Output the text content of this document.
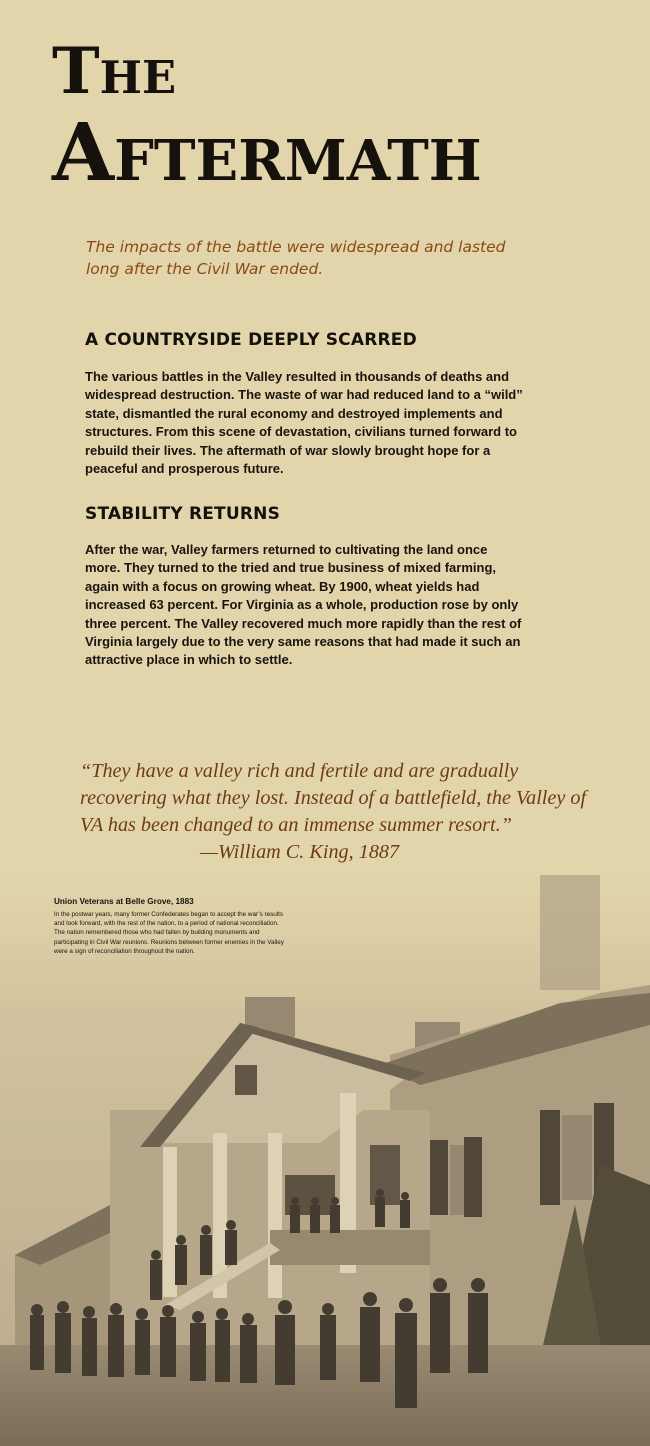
THE
AFTERMATH

The impacts of the battle were widespread and lasted long after the Civil War ended.

A COUNTRYSIDE DEEPLY SCARRED

The various battles in the Valley resulted in thousands of deaths and widespread destruction. The waste of war had reduced land to a “wild” state, dismantled the rural economy and destroyed implements and structures. From this scene of devastation, civilians turned forward to rebuild their lives. The aftermath of war slowly brought hope for a peaceful and prosperous future.

STABILITY RETURNS

After the war, Valley farmers returned to cultivating the land once more. They turned to the tried and true business of mixed farming, again with a focus on growing wheat. By 1900, wheat yields had increased 63 percent. For Virginia as a whole, production rose by only three percent. The Valley recovered much more rapidly than the rest of Virginia largely due to the very same reasons that had made it such an attractive place in which to settle.

“They have a valley rich and fertile and are gradually recovering what they lost. Instead of a battlefield, the Valley of VA has been changed to an immense summer resort.”
—William C. King, 1887

Union Veterans at Belle Grove, 1883

In the postwar years, many former Confederates began to accept the war’s results and look forward, with the rest of the nation, to a period of national reconciliation. The nation remembered those who had fallen by building monuments and participating in Civil War reunions. Reunions between former enemies in the Valley were a sign of reconciliation throughout the nation.
